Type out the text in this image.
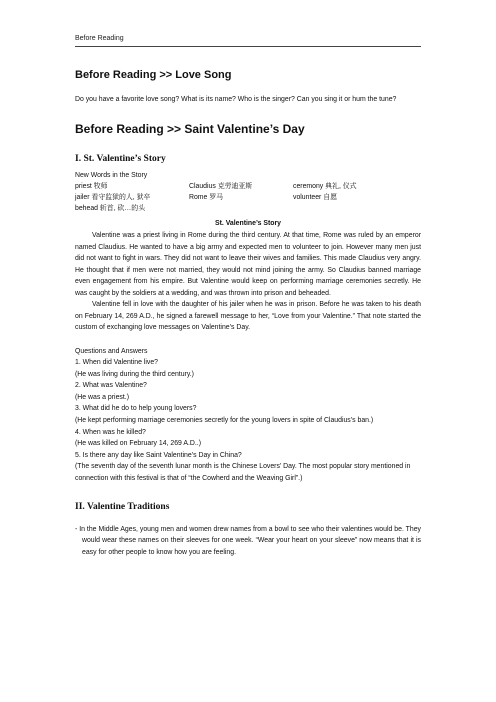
Before Reading
Before Reading >> Love Song

Do you have a favorite love song? What is its name? Who is the singer? Can you sing it or hum the tune?

Before Reading >> Saint Valentine’s Day
I. St. Valentine’s Story

New Words in the Story

priest 牧师	Claudius 克劳迪亚斯	ceremony 典礼, 仪式
jailer 看守监狱的人, 狱卒	Rome 罗马	volunteer 自愿
behead 斩首, 砍…的头
St. Valentine’s Story

Valentine was a priest living in Rome during the third century. At that time, Rome was ruled by an emperor named Claudius. He wanted to have a big army and expected men to volunteer to join. However many men just did not want to fight in wars. They did not want to leave their wives and families. This made Claudius very angry. He thought that if men were not married, they would not mind joining the army. So Claudius banned marriage even engagement from his empire. But Valentine would keep on performing marriage ceremonies secretly. He was caught by the soldiers at a wedding, and was thrown into prison and beheaded.

Valentine fell in love with the daughter of his jailer when he was in prison. Before he was taken to his death on February 14, 269 A.D., he signed a farewell message to her, “Love from your Valentine.” That note started the custom of exchanging love messages on Valentine’s Day.

Questions and Answers

1. When did Valentine live?

(He was living during the third century.)

2. What was Valentine?

(He was a priest.)

3. What did he do to help young lovers?

(He kept performing marriage ceremonies secretly for the young lovers in spite of Claudius’s ban.)

4. When was he killed?

(He was killed on February 14, 269 A.D..)

5. Is there any day like Saint Valentine’s Day in China?

(The seventh day of the seventh lunar month is the Chinese Lovers’ Day. The most popular story mentioned in connection with this festival is that of “the Cowherd and the Weaving Girl”.)

II. Valentine Traditions

- In the Middle Ages, young men and women drew names from a bowl to see who their valentines would be. They would wear these names on their sleeves for one week. “Wear your heart on your sleeve” now means that it is easy for other people to know how you are feeling.
